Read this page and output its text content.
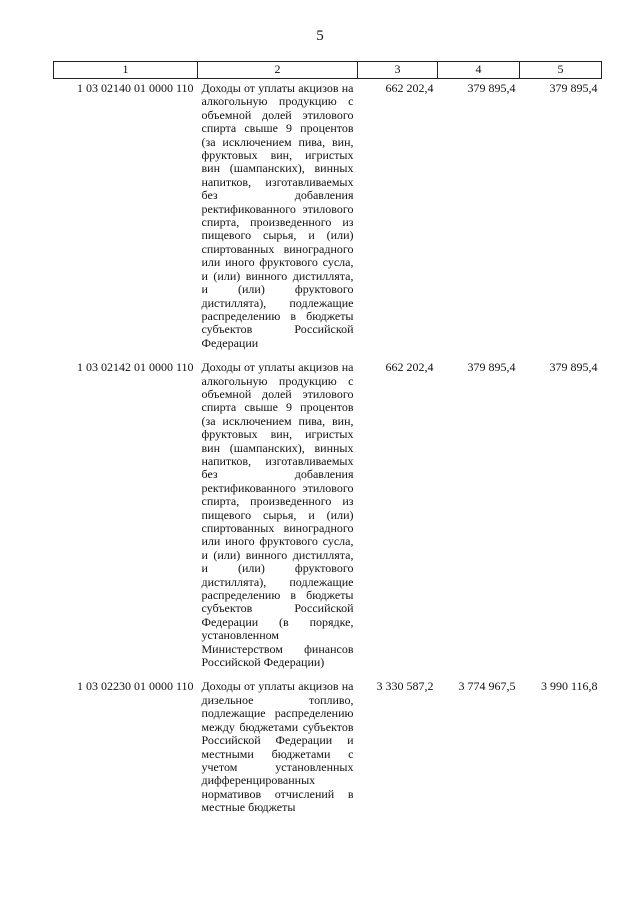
5
1	2	3	4	5
1 03 02140 01 0000 110	Доходы от уплаты акцизов на алкогольную продукцию с объемной долей этилового спирта свыше 9 процентов (за исключением пива, вин, фруктовых вин, игристых вин (шампанских), винных напитков, изготавливаемых без добавления ректификованного этилового спирта, произведенного из пищевого сырья, и (или) спиртованных виноградного или иного фруктового сусла, и (или) винного дистиллята, и (или) фруктового дистиллята), подлежащие распределению в бюджеты субъектов Российской Федерации	662 202,4	379 895,4	379 895,4
1 03 02142 01 0000 110	Доходы от уплаты акцизов на алкогольную продукцию с объемной долей этилового спирта свыше 9 процентов (за исключением пива, вин, фруктовых вин, игристых вин (шампанских), винных напитков, изготавливаемых без добавления ректификованного этилового спирта, произведенного из пищевого сырья, и (или) спиртованных виноградного или иного фруктового сусла, и (или) винного дистиллята, и (или) фруктового дистиллята), подлежащие распределению в бюджеты субъектов Российской Федерации (в порядке, установленном Министерством финансов Российской Федерации)	662 202,4	379 895,4	379 895,4
1 03 02230 01 0000 110	Доходы от уплаты акцизов на дизельное топливо, подлежащие распределению между бюджетами субъектов Российской Федерации и местными бюджетами с учетом установленных дифференцированных нормативов отчислений в местные бюджеты	3 330 587,2	3 774 967,5	3 990 116,8
